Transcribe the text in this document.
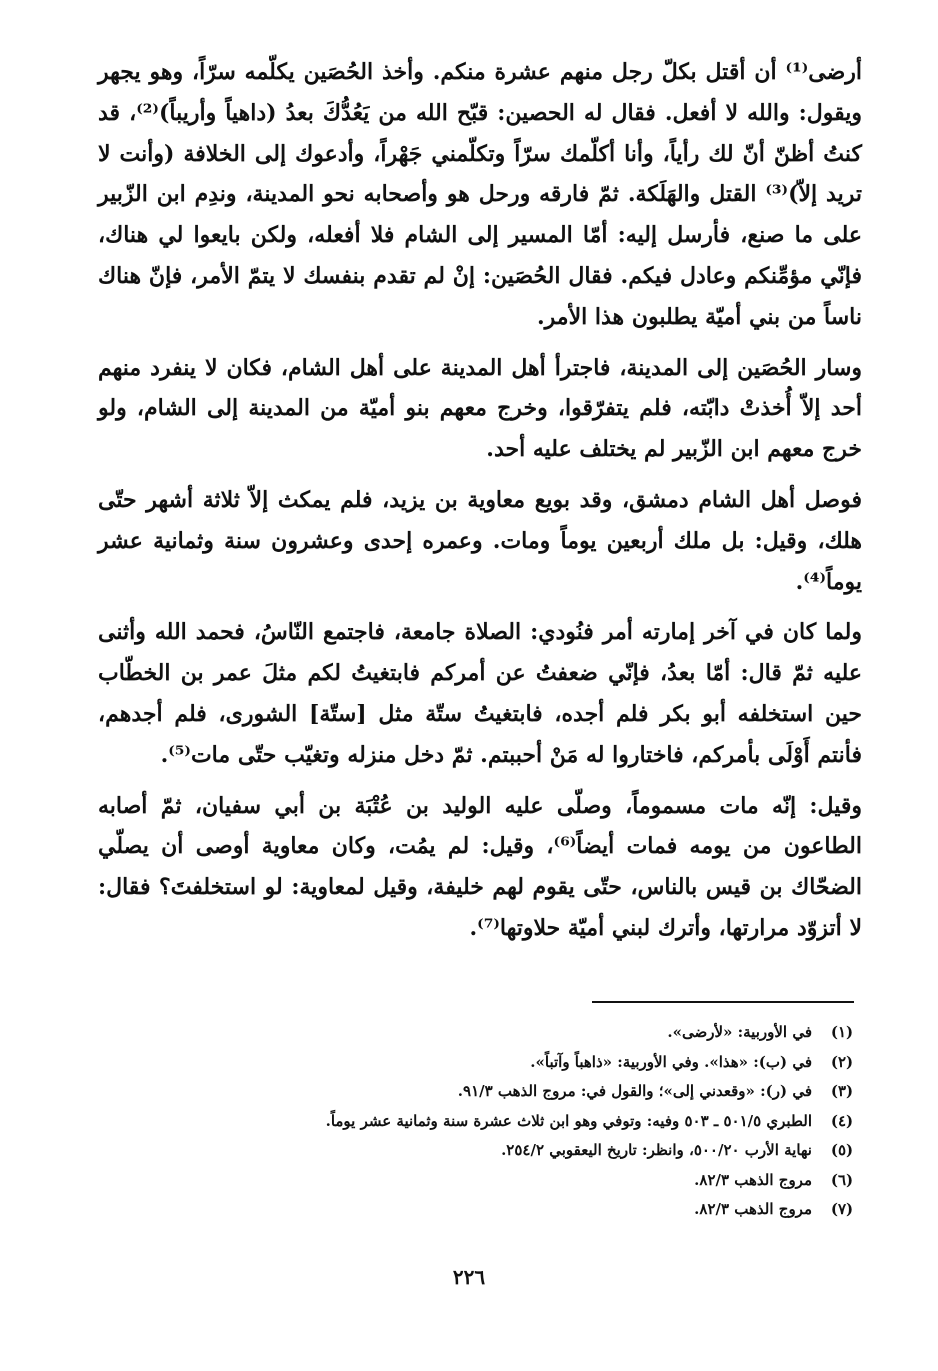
أرضى⁽¹⁾ أن أقتل بكلّ رجل منهم عشرة منكم. وأخذ الحُصَين يكلّمه سرّاً، وهو يجهر ويقول: والله لا أفعل. فقال له الحصين: قبّح الله من يَعُدُّكَ بعدُ (داهياً وأريباً)⁽²⁾، قد كنتُ أظنّ أنّ لك رأياً، وأنا أكلّمك سرّاً وتكلّمني جَهْراً، وأدعوك إلى الخلافة (وأنت لا تريد إلاّ)⁽³⁾ القتل والهَلَكة. ثمّ فارقه ورحل هو وأصحابه نحو المدينة، وندِم ابن الزّبير على ما صنع، فأرسل إليه: أمّا المسير إلى الشام فلا أفعله، ولكن بايعوا لي هناك، فإنّي مؤمِّنكم وعادل فيكم. فقال الحُصَين: إنْ لم تقدم بنفسك لا يتمّ الأمر، فإنّ هناك ناساً من بني أميّة يطلبون هذا الأمر.

وسار الحُصَين إلى المدينة، فاجترأ أهل المدينة على أهل الشام، فكان لا ينفرد منهم أحد إلاّ أُخذتْ دابّته، فلم يتفرّقوا، وخرج معهم بنو أميّة من المدينة إلى الشام، ولو خرج معهم ابن الزّبير لم يختلف عليه أحد.

فوصل أهل الشام دمشق، وقد بويع معاوية بن يزيد، فلم يمكث إلاّ ثلاثة أشهر حتّى هلك، وقيل: بل ملك أربعين يوماً ومات. وعمره إحدى وعشرون سنة وثمانية عشر يوماً⁽⁴⁾.

ولما كان في آخر إمارته أمر فنُودي: الصلاة جامعة، فاجتمع النّاسُ، فحمد الله وأثنى عليه ثمّ قال: أمّا بعدُ، فإنّي ضعفتُ عن أمركم فابتغيتُ لكم مثلَ عمر بن الخطّاب حين استخلفه أبو بكر فلم أجده، فابتغيتُ ستّة مثل [ستّة] الشورى، فلم أجدهم، فأنتم أَوْلَى بأمركم، فاختاروا له مَنْ أحببتم. ثمّ دخل منزله وتغيّب حتّى مات⁽⁵⁾.

وقيل: إنّه مات مسموماً، وصلّى عليه الوليد بن عُتْبَة بن أبي سفيان، ثمّ أصابه الطاعون من يومه فمات أيضاً⁽⁶⁾، وقيل: لم يمُت، وكان معاوية أوصى أن يصلّي الضحّاك بن قيس بالناس، حتّى يقوم لهم خليفة، وقيل لمعاوية: لو استخلفتَ؟ فقال: لا أتزوّد مرارتها، وأترك لبني أميّة حلاوتها⁽⁷⁾.

(١)
في الأوربية: «لأرضى».
(٢)
في (ب): «هذا». وفي الأوربية: «ذاهباً وآتباً».
(٣)
في (ر): «وقعدني إلى»؛ والقول في: مروج الذهب ٩١/٣.
(٤)
الطبري ٥٠١/٥ ـ ٥٠٣ وفيه: وتوفي وهو ابن ثلاث عشرة سنة وثمانية عشر يوماً.
(٥)
نهاية الأرب ٥٠٠/٢٠، وانظر: تاريخ اليعقوبي ٢٥٤/٢.
(٦)
مروج الذهب ٨٢/٣.
(٧)
مروج الذهب ٨٢/٣.
٢٢٦
